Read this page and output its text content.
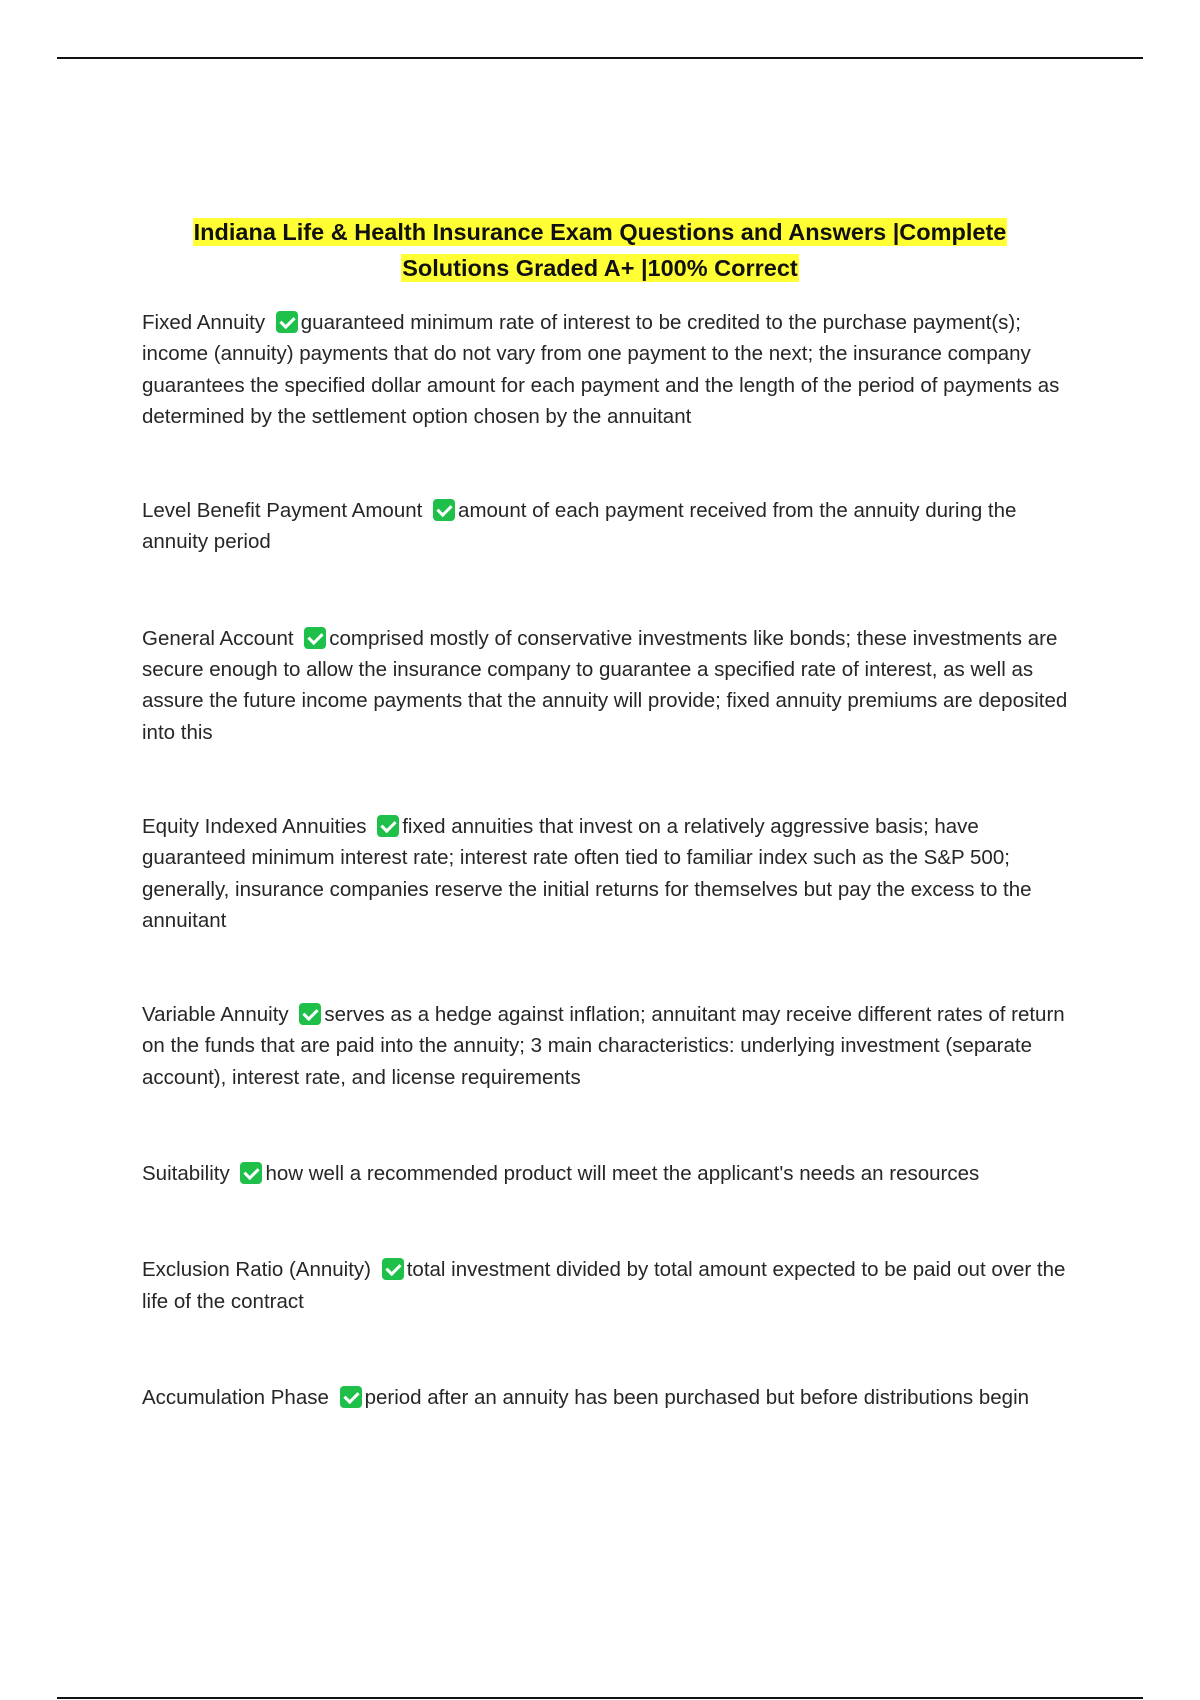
Indiana Life & Health Insurance Exam Questions and Answers |Complete
Solutions Graded A+ |100% Correct
Fixed Annuity guaranteed minimum rate of interest to be credited to the purchase payment(s); income (annuity) payments that do not vary from one payment to the next; the insurance company guarantees the specified dollar amount for each payment and the length of the period of payments as determined by the settlement option chosen by the annuitant
Level Benefit Payment Amount amount of each payment received from the annuity during the annuity period
General Account comprised mostly of conservative investments like bonds; these investments are secure enough to allow the insurance company to guarantee a specified rate of interest, as well as assure the future income payments that the annuity will provide; fixed annuity premiums are deposited into this
Equity Indexed Annuities fixed annuities that invest on a relatively aggressive basis; have guaranteed minimum interest rate; interest rate often tied to familiar index such as the S&P 500; generally, insurance companies reserve the initial returns for themselves but pay the excess to the annuitant
Variable Annuity serves as a hedge against inflation; annuitant may receive different rates of return on the funds that are paid into the annuity; 3 main characteristics: underlying investment (separate account), interest rate, and license requirements
Suitability how well a recommended product will meet the applicant's needs an resources
Exclusion Ratio (Annuity) total investment divided by total amount expected to be paid out over the life of the contract
Accumulation Phase period after an annuity has been purchased but before distributions begin
